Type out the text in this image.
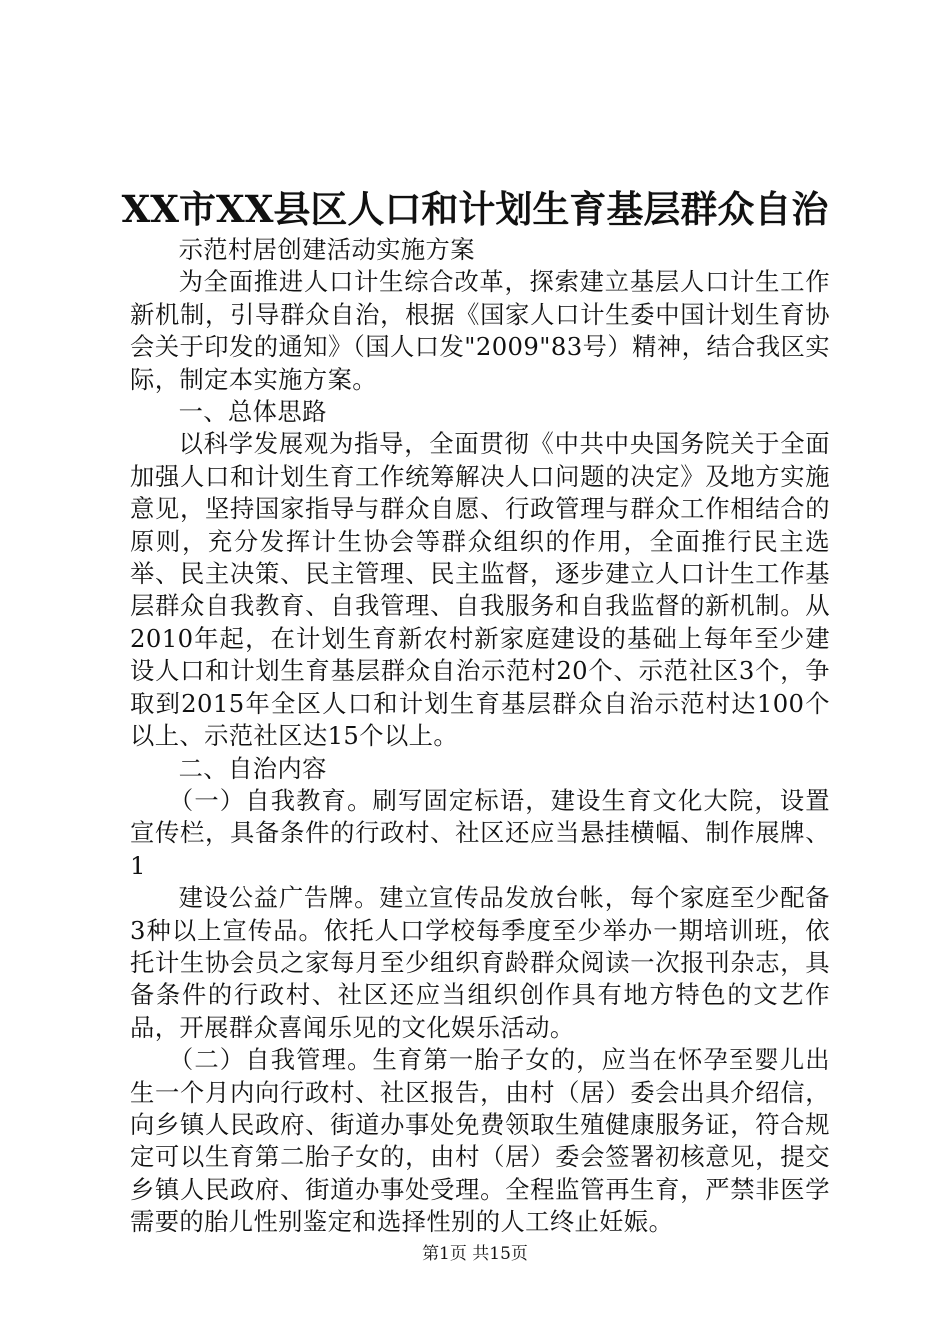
XX市XX县区人口和计划生育基层群众自治

示范村居创建活动实施方案

为全面推进人口计生综合改革，探索建立基层人口计生工作新机制，引导群众自治，根据《国家人口计生委中国计划生育协会关于印发的通知》（国人口发"2009"83号）精神，结合我区实际，制定本实施方案。

一、总体思路

以科学发展观为指导，全面贯彻《中共中央国务院关于全面加强人口和计划生育工作统筹解决人口问题的决定》及地方实施意见，坚持国家指导与群众自愿、行政管理与群众工作相结合的原则，充分发挥计生协会等群众组织的作用，全面推行民主选举、民主决策、民主管理、民主监督，逐步建立人口计生工作基层群众自我教育、自我管理、自我服务和自我监督的新机制。从2010年起，在计划生育新农村新家庭建设的基础上每年至少建设人口和计划生育基层群众自治示范村20个、示范社区3个，争取到2015年全区人口和计划生育基层群众自治示范村达100个以上、示范社区达15个以上。

二、自治内容

（一）自我教育。刷写固定标语，建设生育文化大院，设置宣传栏，具备条件的行政村、社区还应当悬挂横幅、制作展牌、1

建设公益广告牌。建立宣传品发放台帐，每个家庭至少配备3种以上宣传品。依托人口学校每季度至少举办一期培训班，依托计生协会员之家每月至少组织育龄群众阅读一次报刊杂志，具备条件的行政村、社区还应当组织创作具有地方特色的文艺作品，开展群众喜闻乐见的文化娱乐活动。

（二）自我管理。生育第一胎子女的，应当在怀孕至婴儿出生一个月内向行政村、社区报告，由村（居）委会出具介绍信，向乡镇人民政府、街道办事处免费领取生殖健康服务证，符合规定可以生育第二胎子女的，由村（居）委会签署初核意见，提交乡镇人民政府、街道办事处受理。全程监管再生育，严禁非医学需要的胎儿性别鉴定和选择性别的人工终止妊娠。

第1页 共15页
